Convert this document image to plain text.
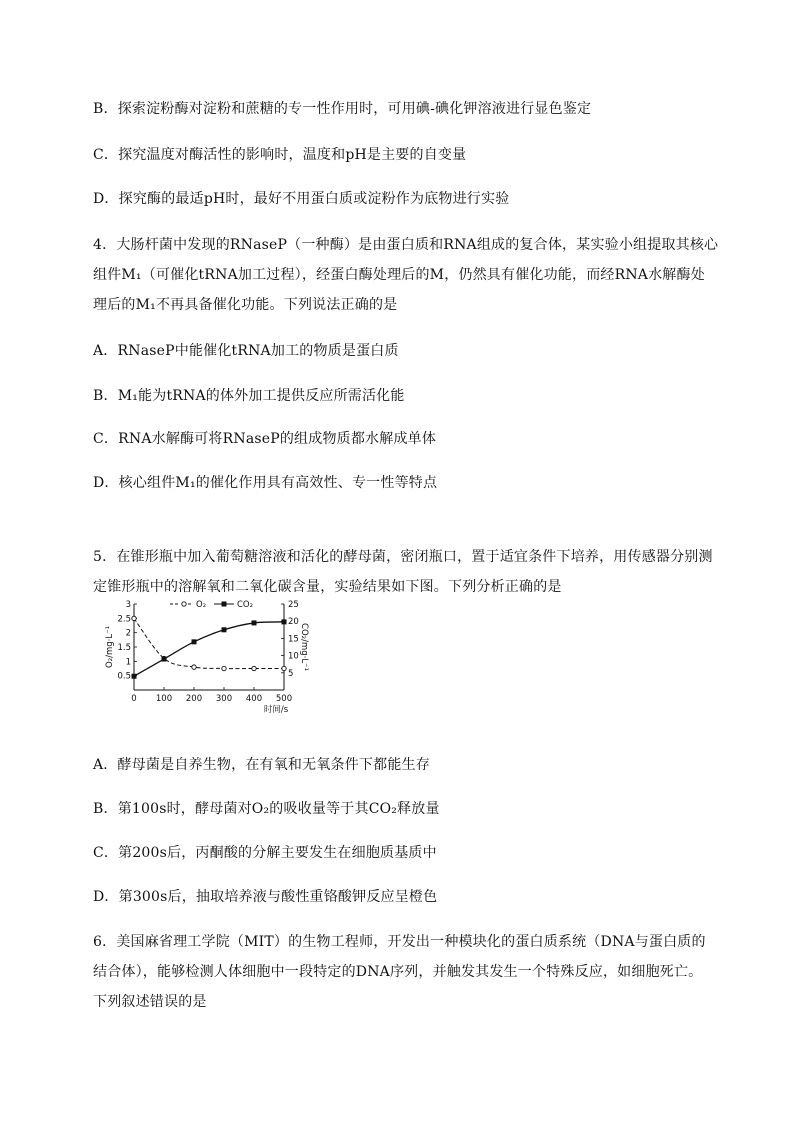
B．探索淀粉酶对淀粉和蔗糖的专一性作用时，可用碘-碘化钾溶液进行显色鉴定
C．探究温度对酶活性的影响时，温度和pH是主要的自变量
D．探究酶的最适pH时，最好不用蛋白质或淀粉作为底物进行实验
4．大肠杆菌中发现的RNaseP（一种酶）是由蛋白质和RNA组成的复合体，某实验小组提取其核心
组件M₁（可催化tRNA加工过程），经蛋白酶处理后的M，仍然具有催化功能，而经RNA水解酶处
理后的M₁不再具备催化功能。下列说法正确的是
A．RNaseP中能催化tRNA加工的物质是蛋白质
B．M₁能为tRNA的体外加工提供反应所需活化能
C．RNA水解酶可将RNaseP的组成物质都水解成单体
D．核心组件M₁的催化作用具有高效性、专一性等特点
5．在锥形瓶中加入葡萄糖溶液和活化的酵母菌，密闭瓶口，置于适宜条件下培养，用传感器分别测
定锥形瓶中的溶解氧和二氧化碳含量，实验结果如下图。下列分析正确的是
A．酵母菌是自养生物，在有氧和无氧条件下都能生存
B．第100s时，酵母菌对O₂的吸收量等于其CO₂释放量
C．第200s后，丙酮酸的分解主要发生在细胞质基质中
D．第300s后，抽取培养液与酸性重铬酸钾反应呈橙色
6．美国麻省理工学院（MIT）的生物工程师，开发出一种模块化的蛋白质系统（DNA与蛋白质的
结合体），能够检测人体细胞中一段特定的DNA序列，并触发其发生一个特殊反应，如细胞死亡。
下列叙述错误的是
0 100 200 300 400 500
0.5
1
1.5
2
2.5
3
5
10
15
20
25
O₂/mg·L⁻¹	CO₂/mg·L⁻¹
时间/s
O₂	CO₂
